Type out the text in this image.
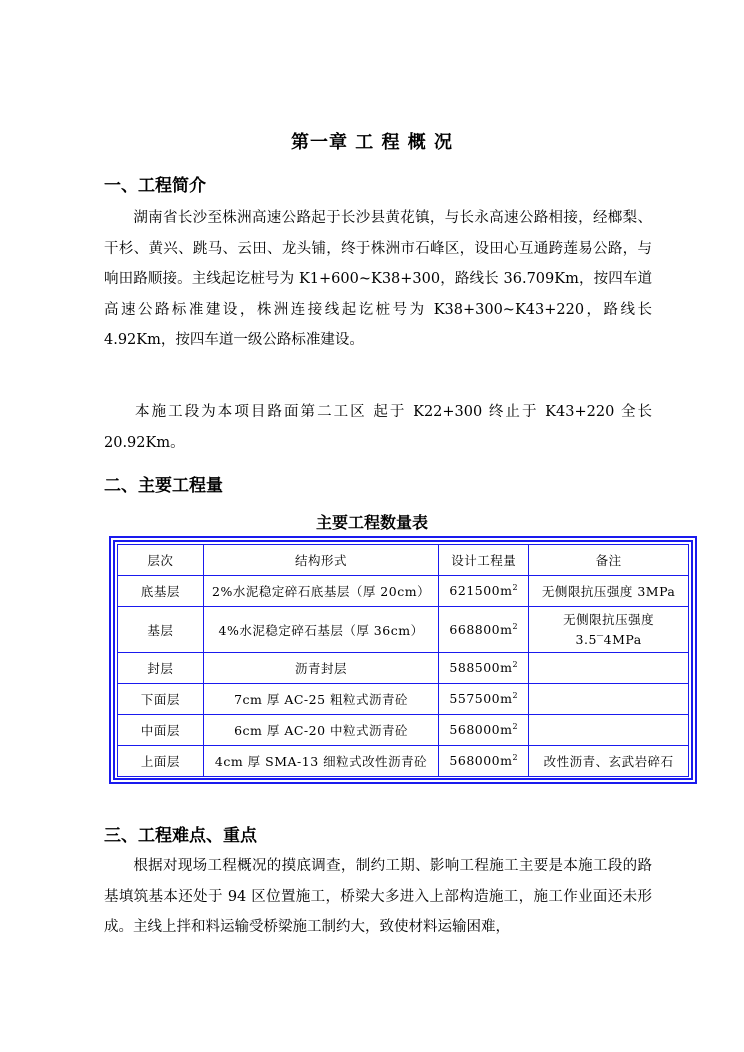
第一章 工 程 概 况
一、工程简介
湖南省长沙至株洲高速公路起于长沙县黄花镇，与长永高速公路相接，经榔梨、干杉、黄兴、跳马、云田、龙头铺，终于株洲市石峰区，设田心互通跨莲易公路，与响田路顺接。主线起讫桩号为 K1+600~K38+300，路线长 36.709Km，按四车道高速公路标准建设，株洲连接线起讫桩号为 K38+300~K43+220，路线长 4.92Km，按四车道一级公路标准建设。
本施工段为本项目路面第二工区 起于 K22+300 终止于 K43+220 全长 20.92Km。
二、主要工程量
主要工程数量表
层次	结构形式	设计工程量	备注
底基层	2%水泥稳定碎石底基层（厚 20cm）	$621500m^2$	无侧限抗压强度 3MPa
基层	4%水泥稳定碎石基层（厚 36cm）	$668800m^2$	无侧限抗压强度
3.5‾4MPa

封层	沥青封层	$588500m^2$	
下面层	7cm 厚 AC-25 粗粒式沥青砼	$557500m^2$	
中面层	6cm 厚 AC-20 中粒式沥青砼	$568000m^2$	
上面层	4cm 厚 SMA-13 细粒式改性沥青砼	$568000m^2$	改性沥青、玄武岩碎石
三、工程难点、重点
根据对现场工程概况的摸底调查，制约工期、影响工程施工主要是本施工段的路基填筑基本还处于 94 区位置施工，桥梁大多进入上部构造施工，施工作业面还未形成。主线上拌和料运输受桥梁施工制约大，致使材料运输困难，
